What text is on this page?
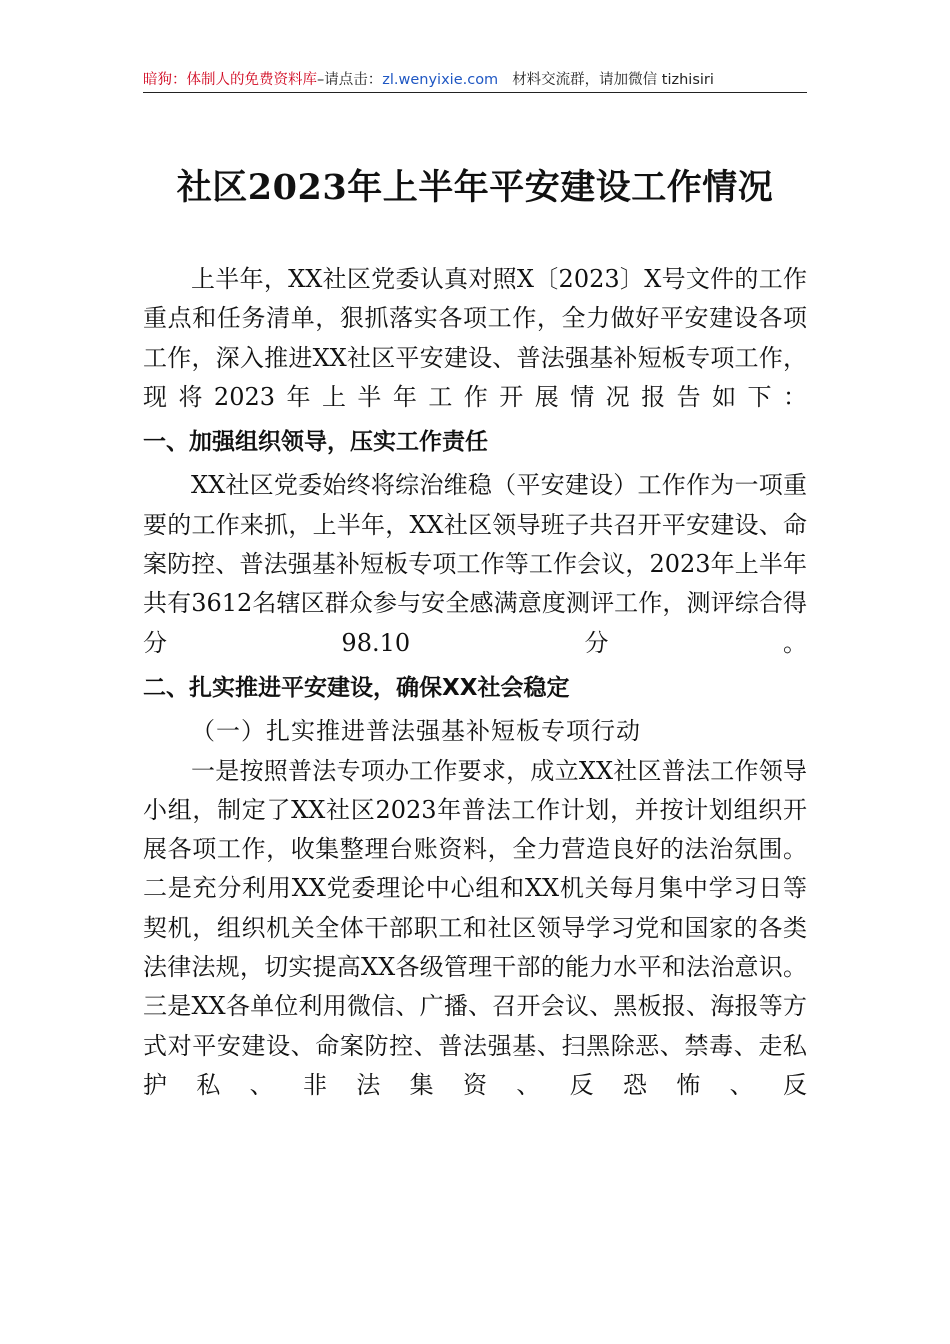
暗狗：体制人的免费资料库–请点击：zl.wenyixie.com 材料交流群，请加微信 tizhisiri
社区2023年上半年平安建设工作情况

上半年，XX社区党委认真对照X〔2023〕X号文件的工作重点和任务清单，狠抓落实各项工作，全力做好平安建设各项工作，深入推进XX社区平安建设、普法强基补短板专项工作，现将2023年上半年工作开展情况报告如下：

一、加强组织领导，压实工作责任

XX社区党委始终将综治维稳（平安建设）工作作为一项重要的工作来抓，上半年，XX社区领导班子共召开平安建设、命案防控、普法强基补短板专项工作等工作会议，2023年上半年共有3612名辖区群众参与安全感满意度测评工作，测评综合得分98.10分。

二、扎实推进平安建设，确保XX社会稳定

（一）扎实推进普法强基补短板专项行动

一是按照普法专项办工作要求，成立XX社区普法工作领导小组，制定了XX社区2023年普法工作计划，并按计划组织开展各项工作，收集整理台账资料，全力营造良好的法治氛围。二是充分利用XX党委理论中心组和XX机关每月集中学习日等契机，组织机关全体干部职工和社区领导学习党和国家的各类法律法规，切实提高XX各级管理干部的能力水平和法治意识。三是XX各单位利用微信、广播、召开会议、黑板报、海报等方式对平安建设、命案防控、普法强基、扫黑除恶、禁毒、走私护私、非法集资、反恐怖、反
